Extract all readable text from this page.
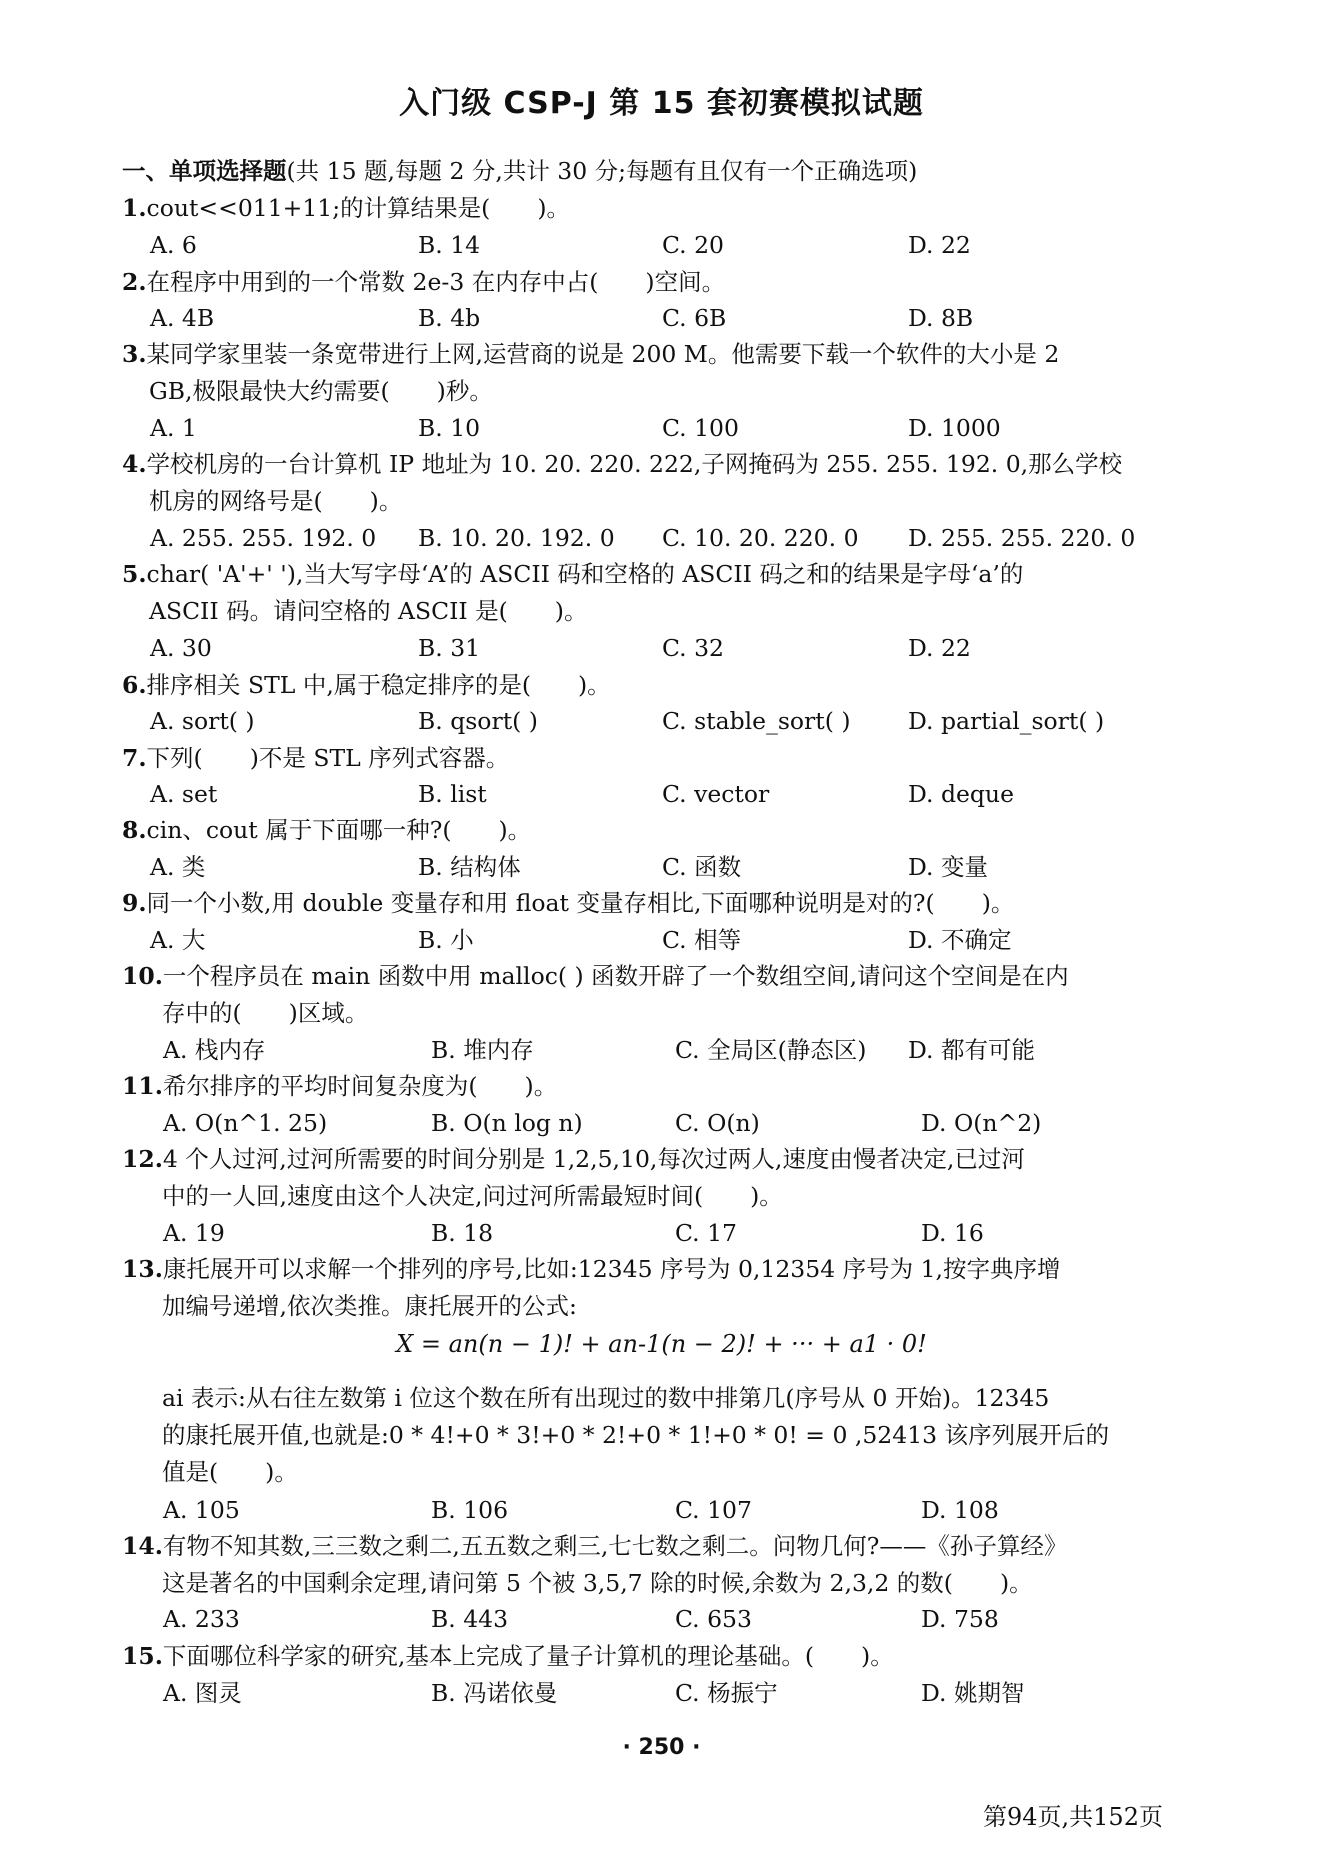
入门级 CSP-J 第 15 套初赛模拟试题
一、单项选择题(共 15 题,每题 2 分,共计 30 分;每题有且仅有一个正确选项)
1.cout<<011+11;的计算结果是(　　)。
A. 6	B. 14	C. 20	D. 22
2.在程序中用到的一个常数 2e-3 在内存中占(　　)空间。
A. 4B	B. 4b	C. 6B	D. 8B
3.某同学家里装一条宽带进行上网,运营商的说是 200 M。他需要下载一个软件的大小是 2
GB,极限最快大约需要(　　)秒。
A. 1	B. 10	C. 100	D. 1000
4.学校机房的一台计算机 IP 地址为 10. 20. 220. 222,子网掩码为 255. 255. 192. 0,那么学校
机房的网络号是(　　)。
A. 255. 255. 192. 0 B. 10. 20. 192. 0 C. 10. 20. 220. 0 D. 255. 255. 220. 0
5.char( 'A'+' '),当大写字母‘A’的 ASCII 码和空格的 ASCII 码之和的结果是字母‘a’的
ASCII 码。请问空格的 ASCII 是(　　)。
A. 30	B. 31	C. 32	D. 22
6.排序相关 STL 中,属于稳定排序的是(　　)。
A. sort( )	B. qsort( )	C. stable_sort( ) D. partial_sort( )
7.下列(　　)不是 STL 序列式容器。
A. set	B. list	C. vector	D. deque
8.cin、cout 属于下面哪一种?(　　)。
A. 类	B. 结构体	C. 函数	D. 变量
9.同一个小数,用 double 变量存和用 float 变量存相比,下面哪种说明是对的?(　　)。
A. 大	B. 小	C. 相等	D. 不确定
10.一个程序员在 main 函数中用 malloc( ) 函数开辟了一个数组空间,请问这个空间是在内
存中的(　　)区域。
A. 栈内存	B. 堆内存	C. 全局区(静态区) D. 都有可能
11.希尔排序的平均时间复杂度为(　　)。
A. O(n^1. 25)	B. O(n log n)	C. O(n)	D. O(n^2)
12.4 个人过河,过河所需要的时间分别是 1,2,5,10,每次过两人,速度由慢者决定,已过河
中的一人回,速度由这个人决定,问过河所需最短时间(　　)。
A. 19	B. 18	C. 17	D. 16
13.康托展开可以求解一个排列的序号,比如:12345 序号为 0,12354 序号为 1,按字典序增
加编号递增,依次类推。康托展开的公式:
X = an(n − 1)! + an-1(n − 2)! + ··· + a1 · 0!
ai 表示:从右往左数第 i 位这个数在所有出现过的数中排第几(序号从 0 开始)。12345
的康托展开值,也就是:0 * 4!+0 * 3!+0 * 2!+0 * 1!+0 * 0! = 0 ,52413 该序列展开后的
值是(　　)。
A. 105	B. 106	C. 107	D. 108
14.有物不知其数,三三数之剩二,五五数之剩三,七七数之剩二。问物几何?——《孙子算经》
这是著名的中国剩余定理,请问第 5 个被 3,5,7 除的时候,余数为 2,3,2 的数(　　)。
A. 233	B. 443	C. 653	D. 758
15.下面哪位科学家的研究,基本上完成了量子计算机的理论基础。(　　)。
A. 图灵	B. 冯诺依曼	C. 杨振宁	D. 姚期智
· 250 ·
第94页,共152页
